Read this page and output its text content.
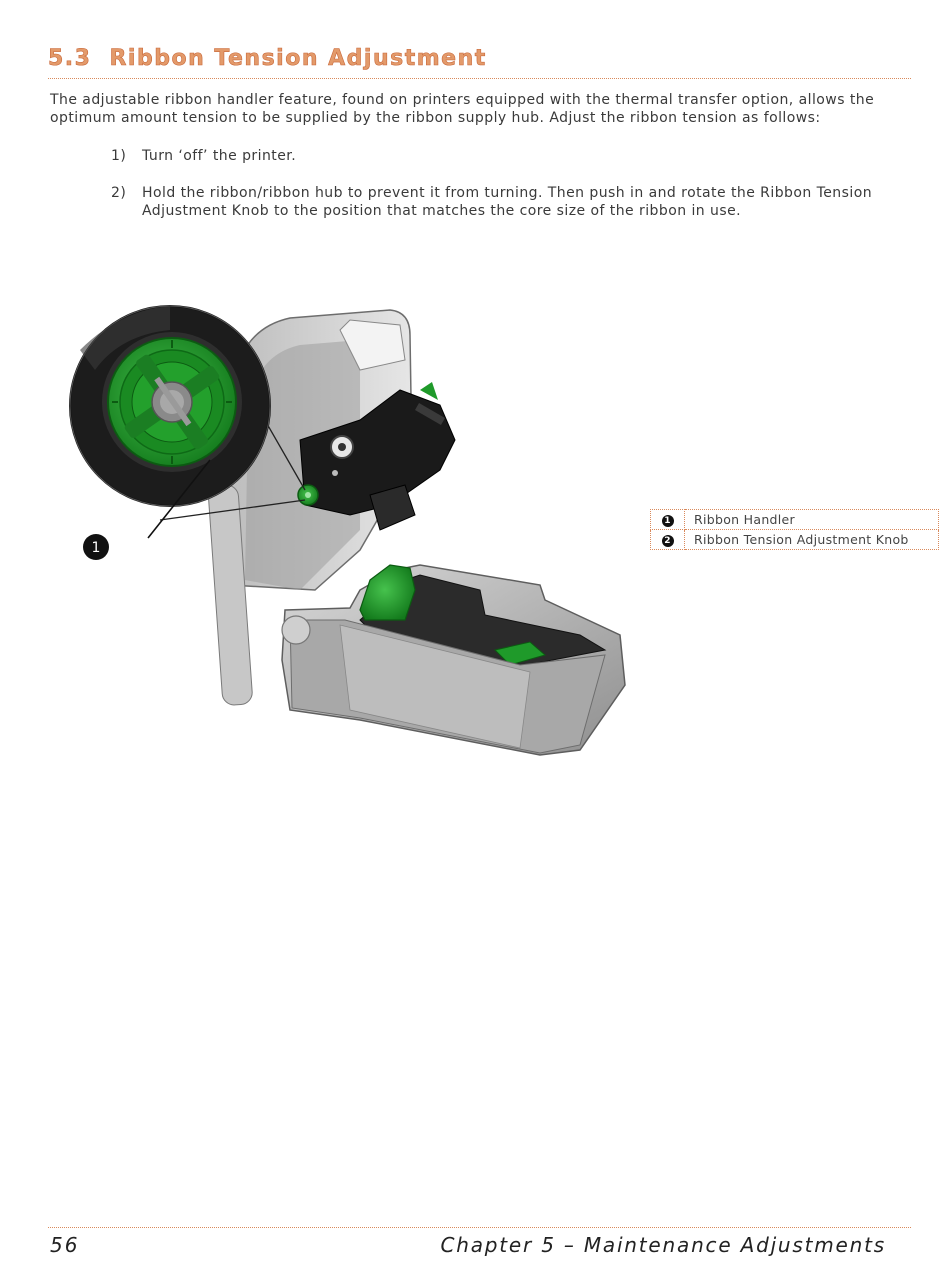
5.3 Ribbon Tension Adjustment

The adjustable ribbon handler feature, found on printers equipped with the thermal transfer option, allows the optimum amount tension to be supplied by the ribbon supply hub. Adjust the ribbon tension as follows:

1) Turn ‘off’ the printer.
2) Hold the ribbon/ribbon hub to prevent it from turning. Then push in and rotate the Ribbon Tension Adjustment Knob to the position that matches the core size of the ribbon in use.
1
1	Ribbon Handler
2	Ribbon Tension Adjustment Knob
56	Chapter 5 – Maintenance Adjustments
